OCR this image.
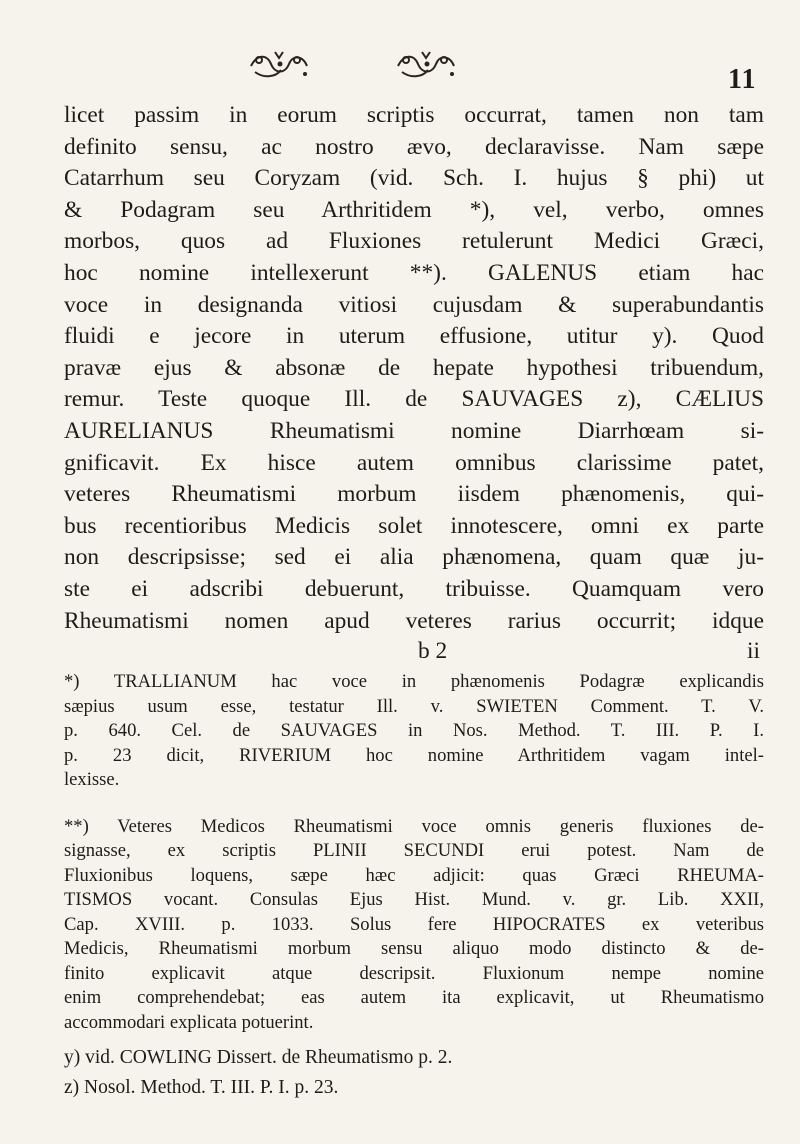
11
licet passim in eorum scriptis occurrat, tamen non tam
definito sensu, ac nostro ævo, declaravisse. Nam sæpe
Catarrhum seu Coryzam (vid. Sch. I. hujus § phi) ut
& Podagram seu Arthritidem *), vel, verbo, omnes
morbos, quos ad Fluxiones retulerunt Medici Græci,
hoc nomine intellexerunt **). GALENUS etiam hac
voce in designanda vitiosi cujusdam & superabundantis
fluidi e jecore in uterum effusione, utitur y). Quod
pravæ ejus & absonæ de hepate hypothesi tribuendum,
remur. Teste quoque Ill. de SAUVAGES z), CÆLIUS
AURELIANUS Rheumatismi nomine Diarrhœam si-
gnificavit. Ex hisce autem omnibus clarissime patet,
veteres Rheumatismi morbum iisdem phænomenis, qui-
bus recentioribus Medicis solet innotescere, omni ex parte
non descripsisse; sed ei alia phænomena, quam quæ ju-
ste ei adscribi debuerunt, tribuisse. Quamquam vero
Rheumatismi nomen apud veteres rarius occurrit; idque
b 2	ii
*) TRALLIANUM hac voce in phænomenis Podagræ explicandis
sæpius usum esse, testatur Ill. v. SWIETEN Comment. T. V.
p. 640. Cel. de SAUVAGES in Nos. Method. T. III. P. I.
p. 23 dicit, RIVERIUM hoc nomine Arthritidem vagam intel-
lexisse.
**) Veteres Medicos Rheumatismi voce omnis generis fluxiones de-
signasse, ex scriptis PLINII SECUNDI erui potest. Nam de
Fluxionibus loquens, sæpe hæc adjicit: quas Græci RHEUMA-
TISMOS vocant. Consulas Ejus Hist. Mund. v. gr. Lib. XXII,
Cap. XVIII. p. 1033. Solus fere HIPOCRATES ex veteribus
Medicis, Rheumatismi morbum sensu aliquo modo distincto & de-
finito explicavit atque descripsit. Fluxionum nempe nomine
enim comprehendebat; eas autem ita explicavit, ut Rheumatismo
accommodari explicata potuerint.
y) vid. COWLING Dissert. de Rheumatismo p. 2.
z) Nosol. Method. T. III. P. I. p. 23.
